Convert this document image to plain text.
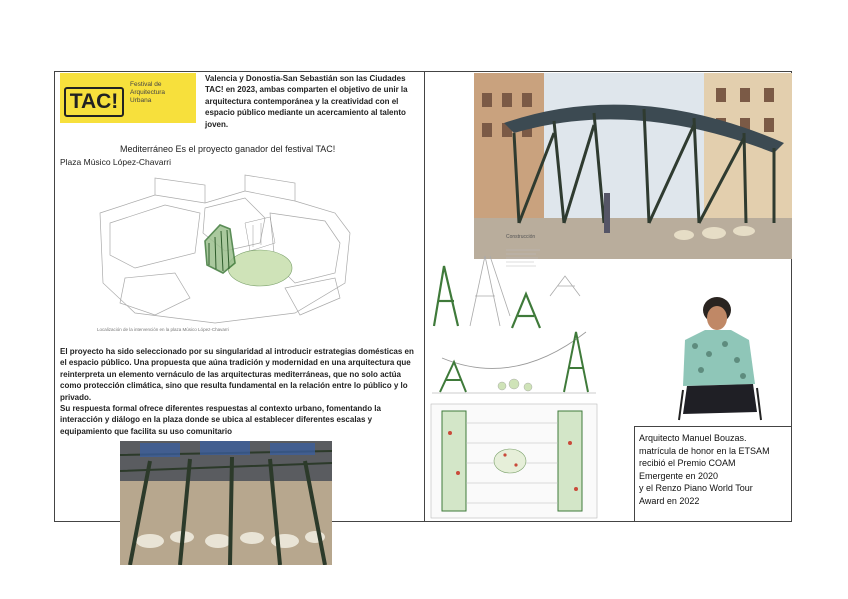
TAC!
Festival de Arquitectura Urbana
Valencia y Donostia-San Sebastián son las Ciudades TAC! en 2023, ambas comparten el objetivo de unir la arquitectura contemporánea y la creatividad con el espacio público mediante un acercamiento al talento joven.
Mediterráneo Es el proyecto ganador del festival TAC!
Plaza Músico López-Chavarri
Localización de la intervención en la plaza Músico López-Chavarri

El proyecto ha sido seleccionado por su singularidad al introducir estrategias domésticas en el espacio público. Una propuesta que aúna tradición y modernidad en una arquitectura que reinterpreta un elemento vernáculo de las arquitecturas mediterráneas, que no solo actúa como protección climática, sino que resulta fundamental en la relación entre lo público y lo privado.

Su respuesta formal ofrece diferentes respuestas al contexto urbano, fomentando la interacción y diálogo en la plaza donde se ubica al establecer diferentes escalas y equipamiento que facilita su uso comunitario

Construcción
Arquitecto Manuel Bouzas.
matrícula de honor en la ETSAM
recibió el Premio COAM
Emergente en 2020
y el Renzo Piano World Tour
Award en 2022
